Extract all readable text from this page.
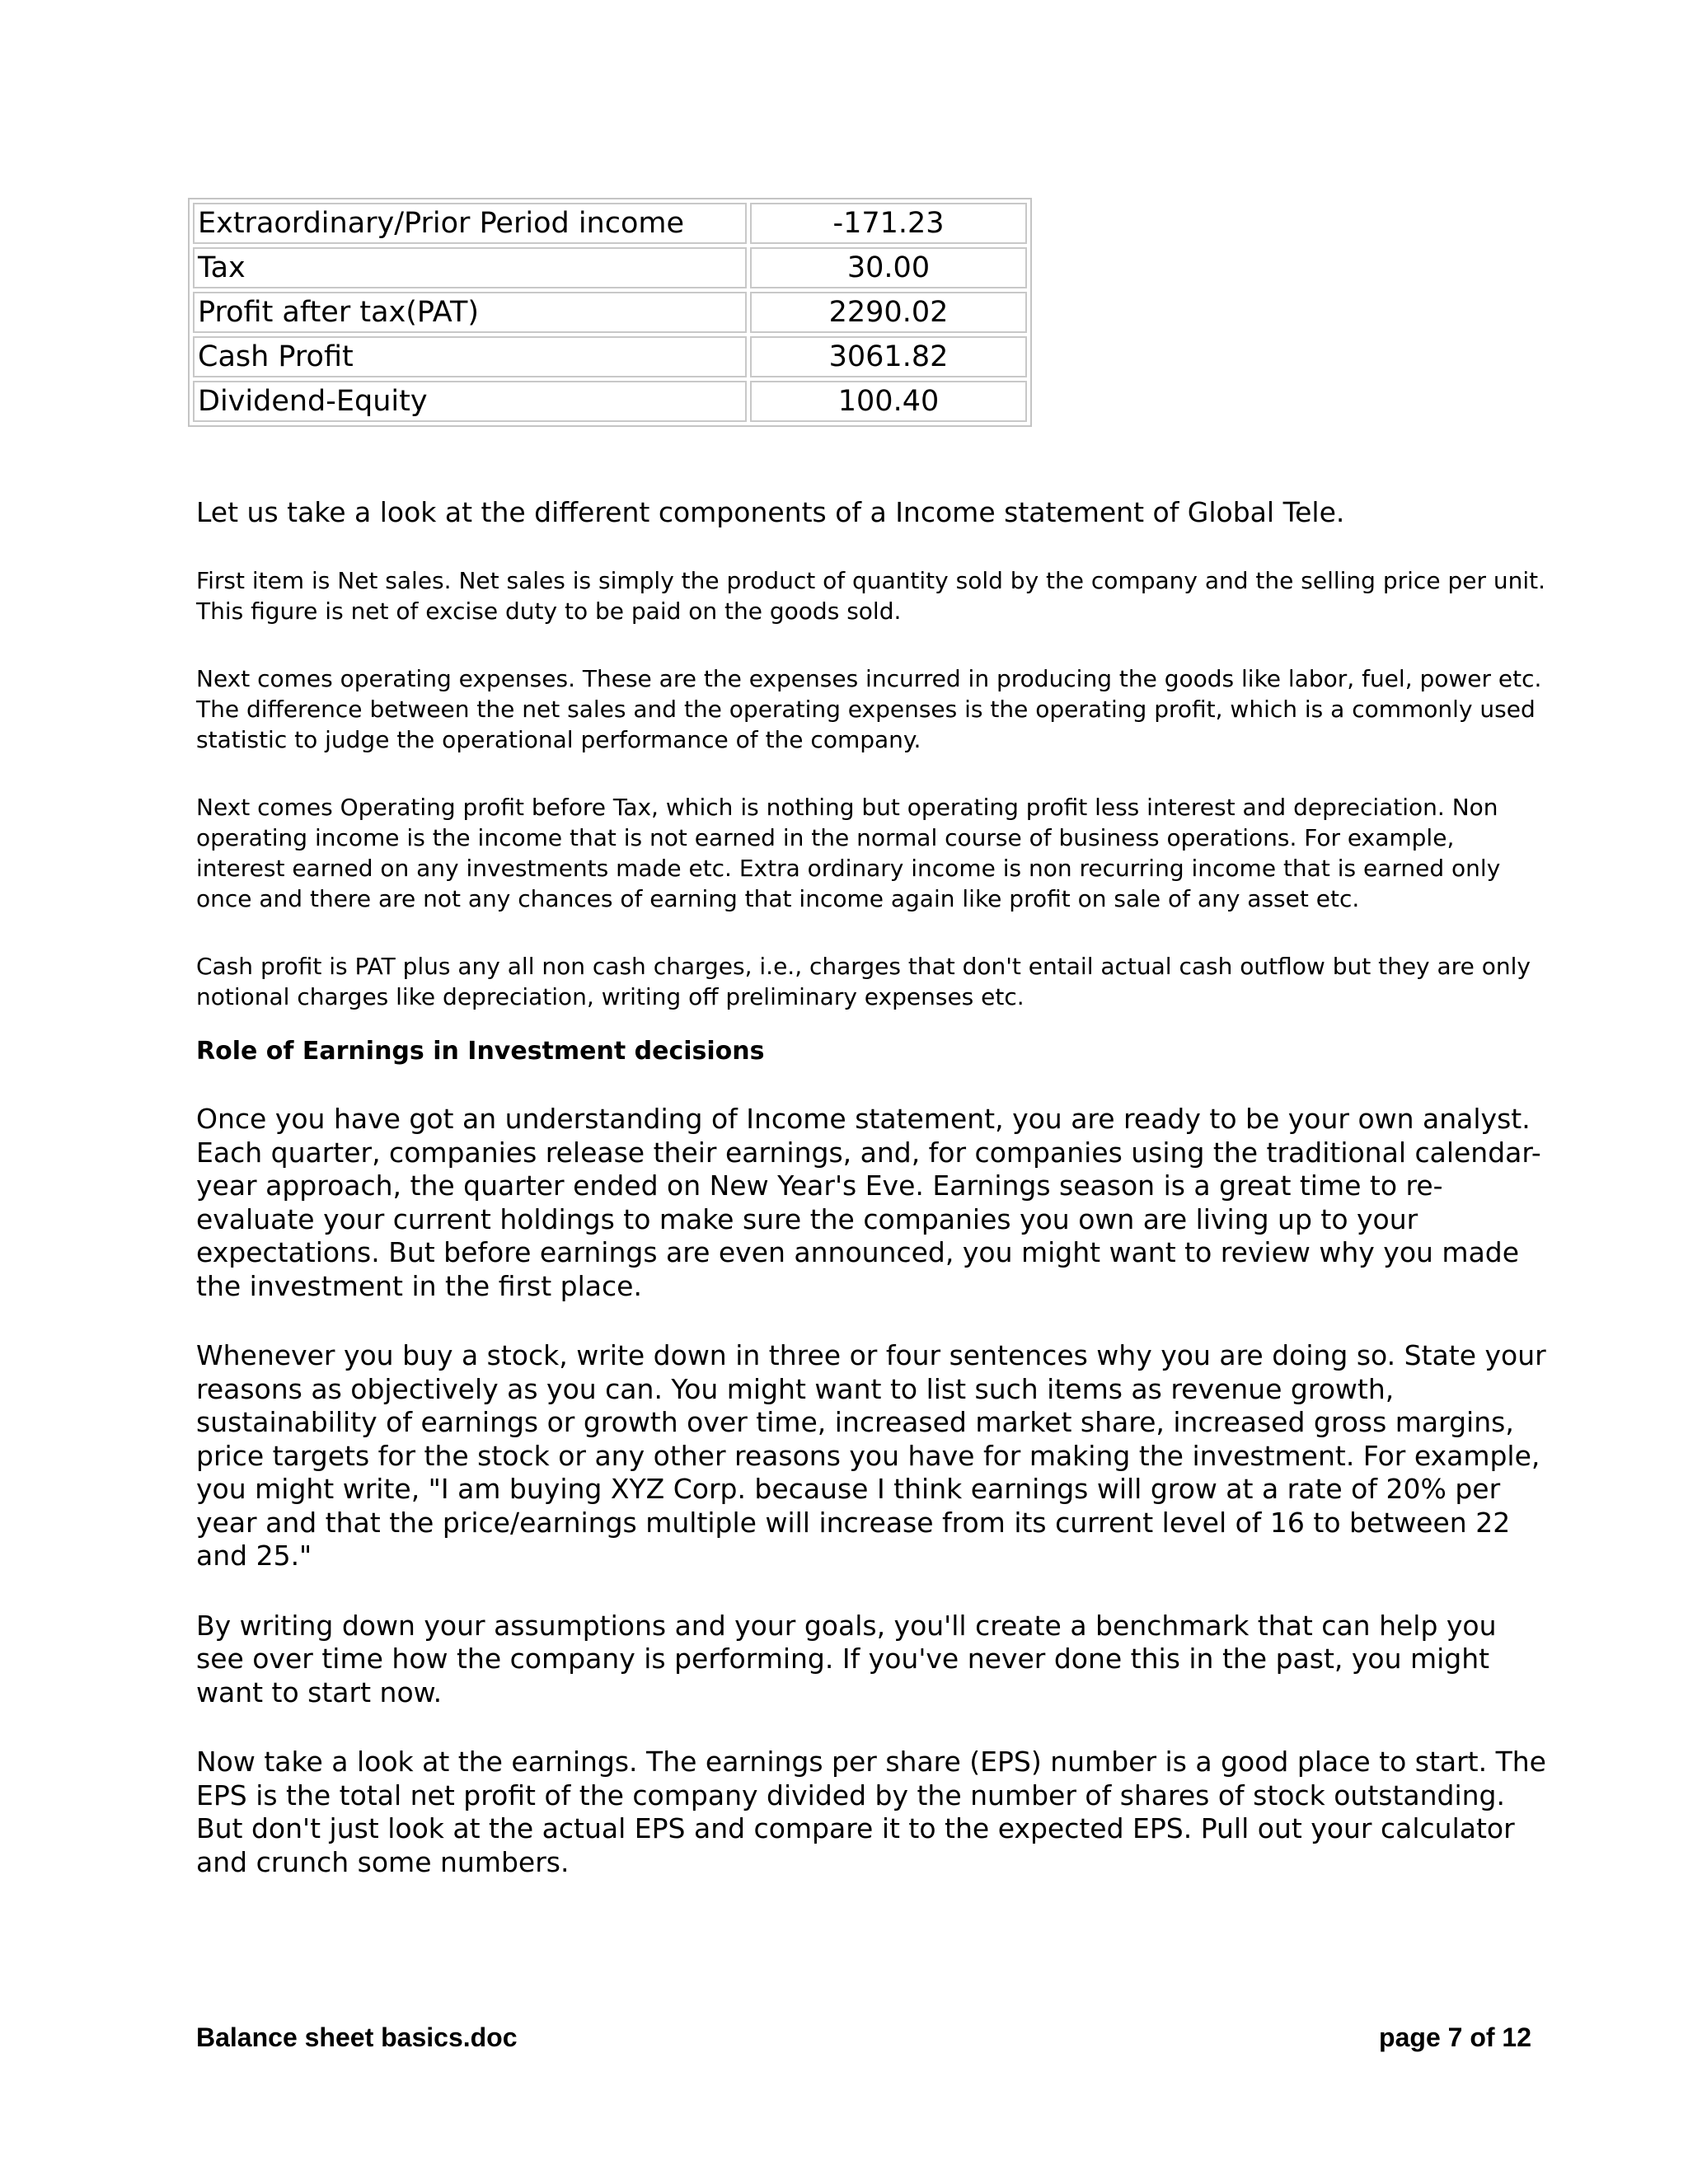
Extraordinary/Prior Period income	-171.23
Tax	30.00
Profit after tax(PAT)	2290.02
Cash Profit	3061.82
Dividend-Equity	100.40

Let us take a look at the different components of a Income statement of Global Tele.

First item is Net sales. Net sales is simply the product of quantity sold by the company and the selling price per unit. This figure is net of excise duty to be paid on the goods sold.

Next comes operating expenses. These are the expenses incurred in producing the goods like labor, fuel, power etc. The difference between the net sales and the operating expenses is the operating profit, which is a commonly used statistic to judge the operational performance of the company.

Next comes Operating profit before Tax, which is nothing but operating profit less interest and depreciation. Non operating income is the income that is not earned in the normal course of business operations. For example, interest earned on any investments made etc. Extra ordinary income is non recurring income that is earned only once and there are not any chances of earning that income again like profit on sale of any asset etc.

Cash profit is PAT plus any all non cash charges, i.e., charges that don't entail actual cash outflow but they are only notional charges like depreciation, writing off preliminary expenses etc.

Role of Earnings in Investment decisions

Once you have got an understanding of Income statement, you are ready to be your own analyst. Each quarter, companies release their earnings, and, for companies using the traditional calendar-year approach, the quarter ended on New Year's Eve. Earnings season is a great time to re-evaluate your current holdings to make sure the companies you own are living up to your expectations. But before earnings are even announced, you might want to review why you made the investment in the first place.

Whenever you buy a stock, write down in three or four sentences why you are doing so. State your reasons as objectively as you can. You might want to list such items as revenue growth, sustainability of earnings or growth over time, increased market share, increased gross margins, price targets for the stock or any other reasons you have for making the investment. For example, you might write, "I am buying XYZ Corp. because I think earnings will grow at a rate of 20% per year and that the price/earnings multiple will increase from its current level of 16 to between 22 and 25."

By writing down your assumptions and your goals, you'll create a benchmark that can help you see over time how the company is performing. If you've never done this in the past, you might want to start now.

Now take a look at the earnings. The earnings per share (EPS) number is a good place to start. The EPS is the total net profit of the company divided by the number of shares of stock outstanding. But don't just look at the actual EPS and compare it to the expected EPS. Pull out your calculator and crunch some numbers.

Balance sheet basics.doc	page 7 of 12
